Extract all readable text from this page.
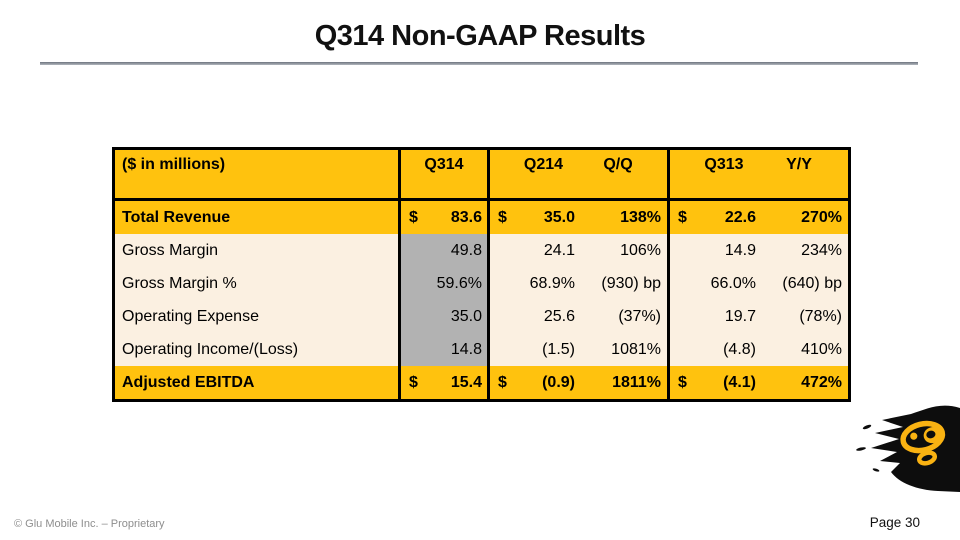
Q314 Non-GAAP Results
($ in millions)	Q314	Q214 Q/Q	Q313 Y/Y

Total Revenue	$ 83.6	$ 35.0 138%	$ 22.6 270%

Gross Margin	49.8	24.1 106%	14.9 234%

Gross Margin %	59.6%	68.9% (930) bp	66.0% (640) bp

Operating Expense	35.0	25.6 (37%)	19.7 (78%)

Operating Income/(Loss)	14.8	(1.5) 1081%	(4.8) 410%

Adjusted EBITDA	$ 15.4	$ (0.9) 1811%	$ (4.1) 472%
© Glu Mobile Inc. – Proprietary	Page 30
